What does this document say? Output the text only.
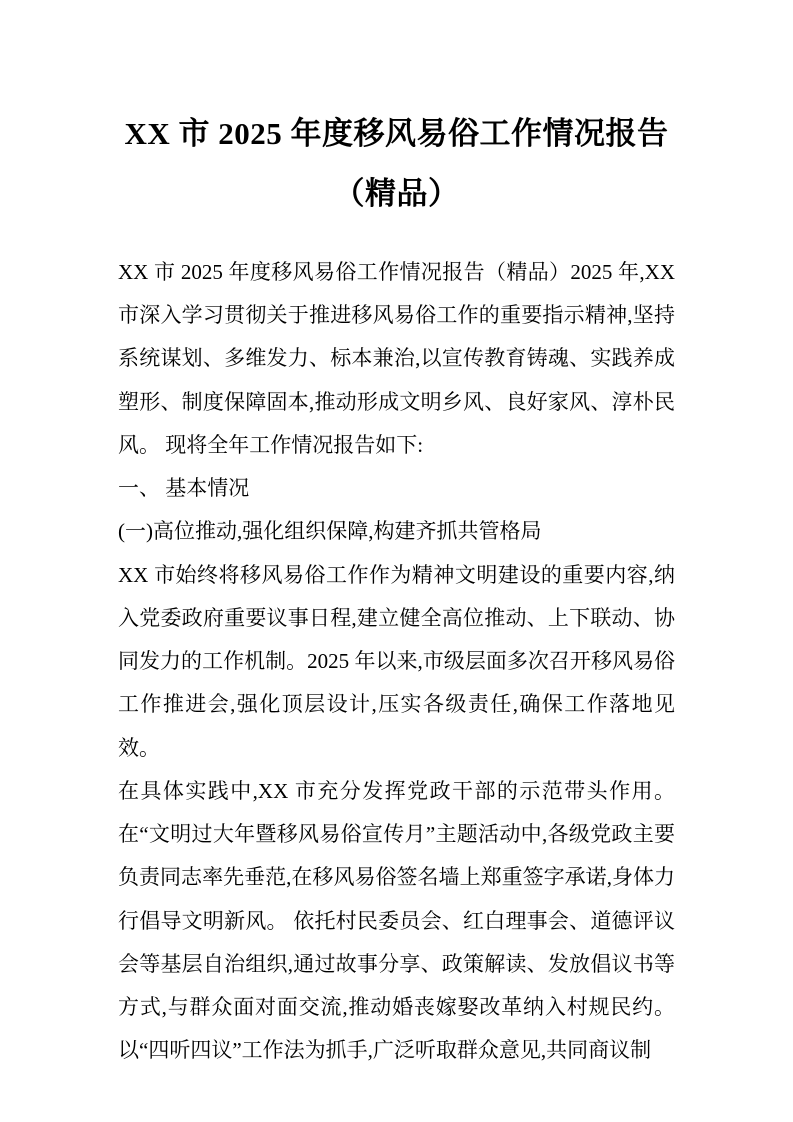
XX 市 2025 年度移风易俗工作情况报告（精品）

XX 市 2025 年度移风易俗工作情况报告（精品）2025 年,XX 市深入学习贯彻关于推进移风易俗工作的重要指示精神,坚持系统谋划、多维发力、标本兼治,以宣传教育铸魂、实践养成塑形、制度保障固本,推动形成文明乡风、良好家风、淳朴民风。 现将全年工作情况报告如下:

一、 基本情况

(一)高位推动,强化组织保障,构建齐抓共管格局

XX 市始终将移风易俗工作作为精神文明建设的重要内容,纳入党委政府重要议事日程,建立健全高位推动、上下联动、协同发力的工作机制。2025 年以来,市级层面多次召开移风易俗工作推进会,强化顶层设计,压实各级责任,确保工作落地见效。

在具体实践中,XX 市充分发挥党政干部的示范带头作用。 在“文明过大年暨移风易俗宣传月”主题活动中,各级党政主要负责同志率先垂范,在移风易俗签名墙上郑重签字承诺,身体力行倡导文明新风。 依托村民委员会、红白理事会、道德评议会等基层自治组织,通过故事分享、政策解读、发放倡议书等方式,与群众面对面交流,推动婚丧嫁娶改革纳入村规民约。 以“四听四议”工作法为抓手,广泛听取群众意见,共同商议制
